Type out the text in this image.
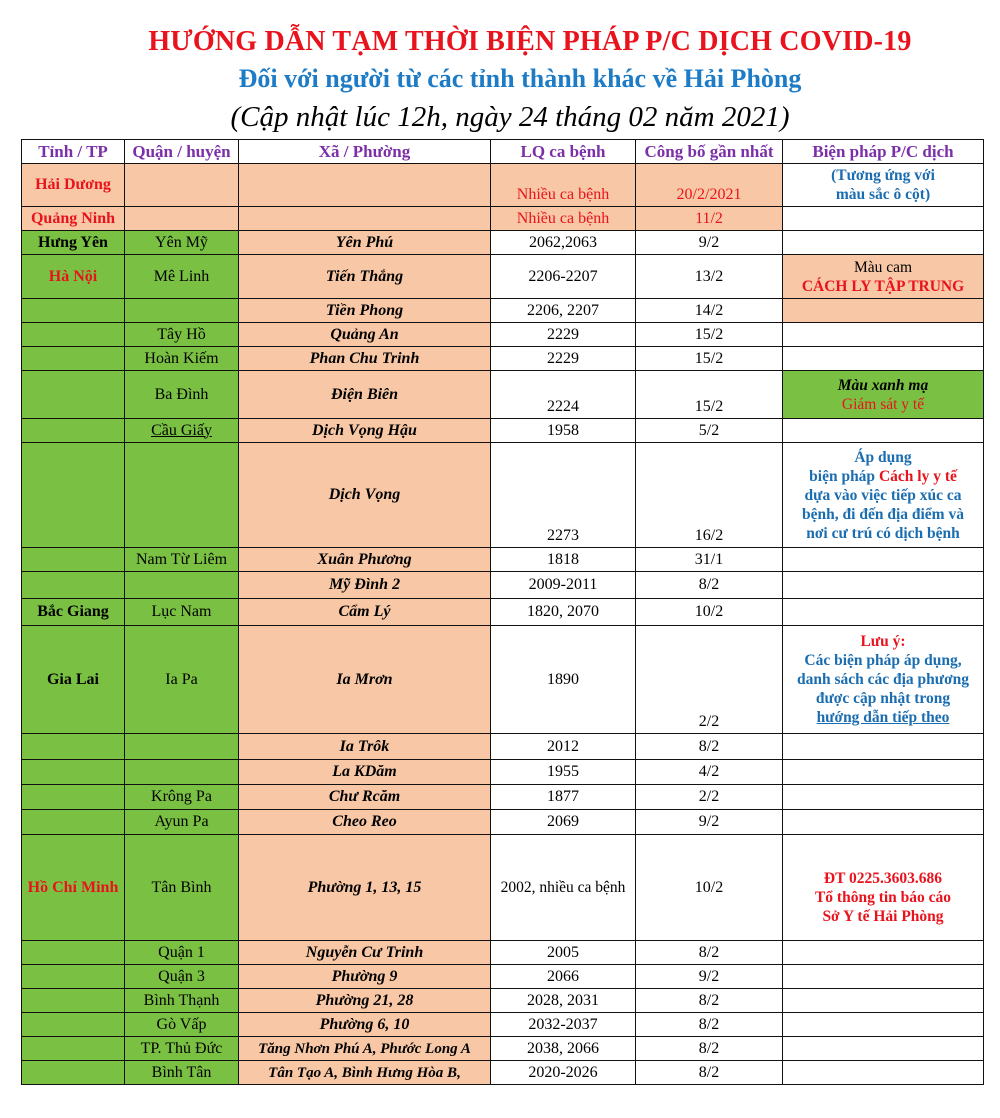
HƯỚNG DẪN TẠM THỜI BIỆN PHÁP P/C DỊCH COVID-19
Đối với người từ các tỉnh thành khác về Hải Phòng
(Cập nhật lúc 12h, ngày 24 tháng 02 năm 2021)
Tỉnh / TP	Quận / huyện	Xã / Phường	LQ ca bệnh	Công bố gần nhất	Biện pháp P/C dịch
Hải Dương			Nhiều ca bệnh	20/2/2021	(Tương ứng với
màu sắc ô cột)
Quảng Ninh			Nhiều ca bệnh	11/2	
Hưng Yên	Yên Mỹ	Yên Phú	2062,2063	9/2	
Hà Nội	Mê Linh	Tiến Thắng	2206-2207	13/2	Màu cam
CÁCH LY TẬP TRUNG
		Tiền Phong	2206, 2207	14/2	
	Tây Hồ	Quảng An	2229	15/2	
	Hoàn Kiếm	Phan Chu Trinh	2229	15/2	
	Ba Đình	Điện Biên	2224	15/2	Màu xanh mạ
Giám sát y tế
	Cầu Giấy	Dịch Vọng Hậu	1958	5/2	
		Dịch Vọng	2273	16/2	Áp dụng
biện pháp Cách ly y tế
dựa vào việc tiếp xúc ca
bệnh, đi đến địa điểm và
nơi cư trú có dịch bệnh
	Nam Từ Liêm	Xuân Phương	1818	31/1	
		Mỹ Đình 2	2009-2011	8/2	
Bắc Giang	Lục Nam	Cẩm Lý	1820, 2070	10/2	
Gia Lai	Ia Pa	Ia Mrơn	1890	2/2	Lưu ý:
Các biện pháp áp dụng,
danh sách các địa phương
được cập nhật trong
hướng dẫn tiếp theo
		Ia Trôk	2012	8/2	
		La KDăm	1955	4/2	
	Krông Pa	Chư Rcăm	1877	2/2	
	Ayun Pa	Cheo Reo	2069	9/2	
Hồ Chí Minh	Tân Bình	Phường 1, 13, 15	2002, nhiều ca bệnh	10/2	ĐT 0225.3603.686
Tổ thông tin báo cáo
Sở Y tế Hải Phòng
	Quận 1	Nguyễn Cư Trinh	2005	8/2	
	Quận 3	Phường 9	2066	9/2	
	Bình Thạnh	Phường 21, 28	2028, 2031	8/2	
	Gò Vấp	Phường 6, 10	2032-2037	8/2	
	TP. Thủ Đức	Tăng Nhơn Phú A, Phước Long A	2038, 2066	8/2	
	Bình Tân	Tân Tạo A, Bình Hưng Hòa B,	2020-2026	8/2	
